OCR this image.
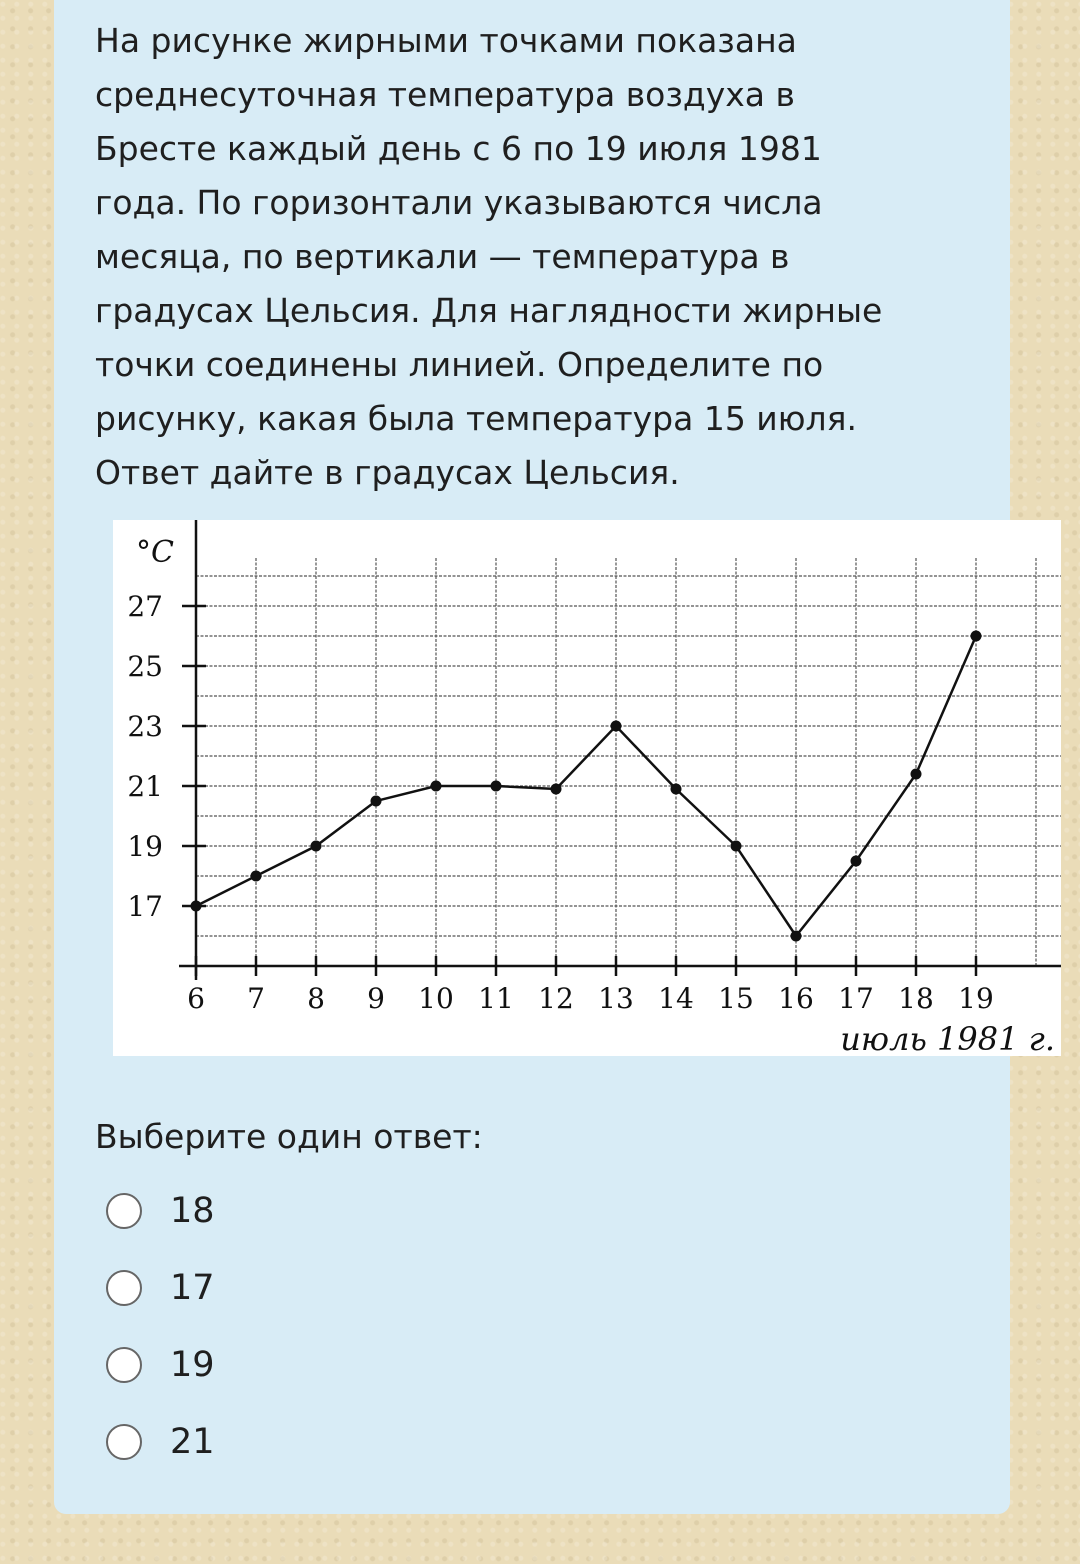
На рисунке жирными точками показана среднесуточная температура воздуха в Бресте каждый день с 6 по 19 июля 1981 года. По горизонтали указываются числа месяца, по вертикали — температура в градусах Цельсия. Для наглядности жирные точки соединены линией. Определите по рисунку, какая была температура 15 июля. Ответ дайте в градусах Цельсия.

°C
июль 1981 г.
17
19
21
23
25
27
6 7 8 9 10 11 12 13 14 15 16 17 18 19

Выберите один ответ:

18
17
19
21
